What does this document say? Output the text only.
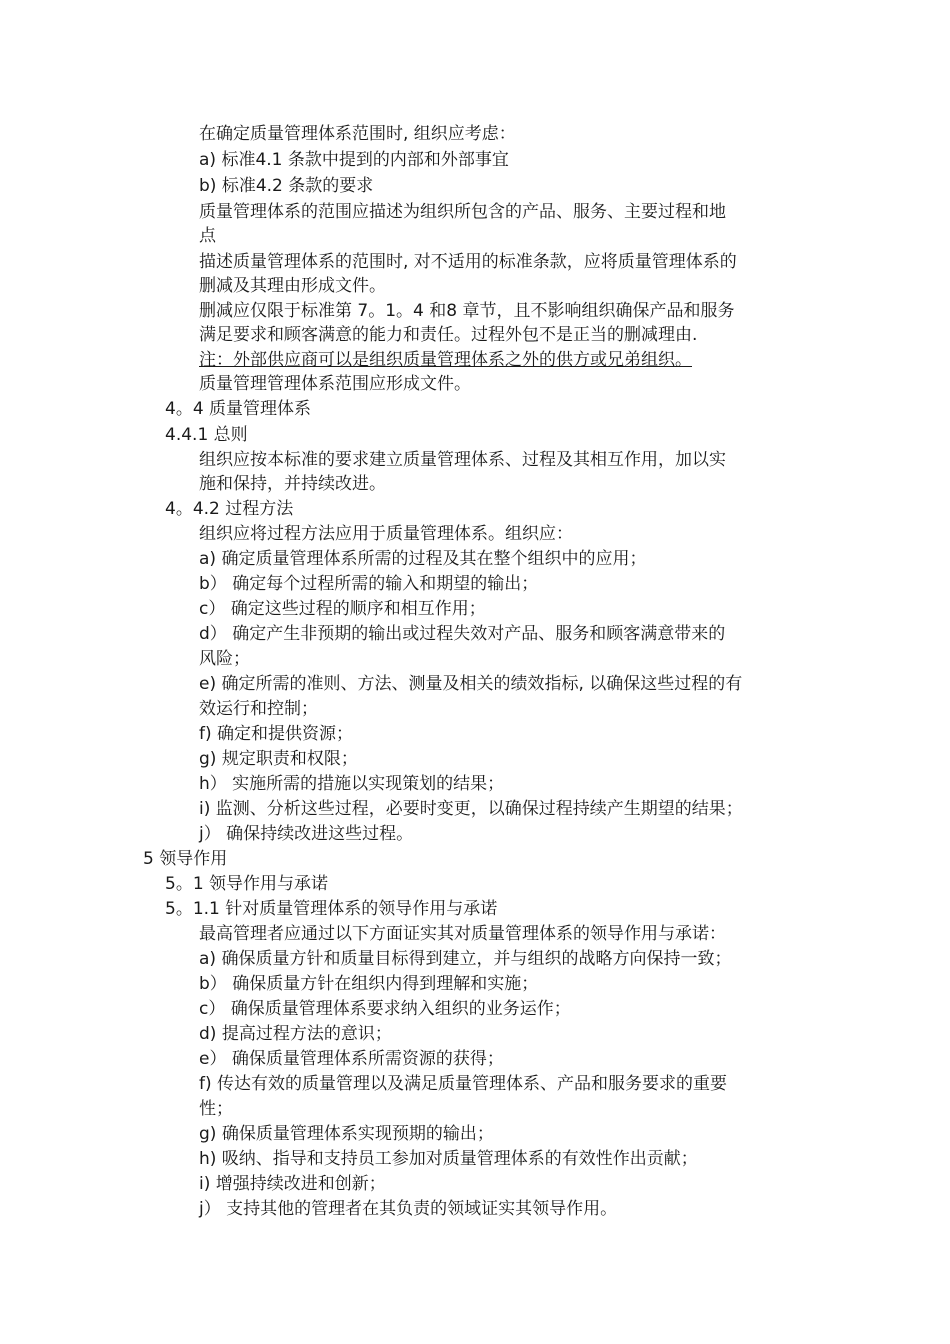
在确定质量管理体系范围时, 组织应考虑：
a) 标准4.1 条款中提到的内部和外部事宜
b) 标准4.2 条款的要求
质量管理体系的范围应描述为组织所包含的产品、服务、主要过程和地
点
描述质量管理体系的范围时, 对不适用的标准条款，应将质量管理体系的
删减及其理由形成文件。
删减应仅限于标准第 7。1。4 和8 章节，且不影响组织确保产品和服务
满足要求和顾客满意的能力和责任。过程外包不是正当的删减理由.
注：外部供应商可以是组织质量管理体系之外的供方或兄弟组织。
质量管理管理体系范围应形成文件。
4。4 质量管理体系
4.4.1 总则
组织应按本标准的要求建立质量管理体系、过程及其相互作用，加以实
施和保持，并持续改进。
4。4.2 过程方法
组织应将过程方法应用于质量管理体系。组织应：
a) 确定质量管理体系所需的过程及其在整个组织中的应用；
b） 确定每个过程所需的输入和期望的输出；
c） 确定这些过程的顺序和相互作用；
d） 确定产生非预期的输出或过程失效对产品、服务和顾客满意带来的
风险；
e) 确定所需的准则、方法、测量及相关的绩效指标, 以确保这些过程的有
效运行和控制；
f) 确定和提供资源；
g) 规定职责和权限；
h） 实施所需的措施以实现策划的结果；
i) 监测、分析这些过程，必要时变更，以确保过程持续产生期望的结果；
j） 确保持续改进这些过程。
5 领导作用
5。1 领导作用与承诺
5。1.1 针对质量管理体系的领导作用与承诺
最高管理者应通过以下方面证实其对质量管理体系的领导作用与承诺：
a) 确保质量方针和质量目标得到建立，并与组织的战略方向保持一致；
b） 确保质量方针在组织内得到理解和实施；
c） 确保质量管理体系要求纳入组织的业务运作；
d) 提高过程方法的意识；
e） 确保质量管理体系所需资源的获得；
f) 传达有效的质量管理以及满足质量管理体系、产品和服务要求的重要
性；
g) 确保质量管理体系实现预期的输出；
h) 吸纳、指导和支持员工参加对质量管理体系的有效性作出贡献；
i) 增强持续改进和创新；
j） 支持其他的管理者在其负责的领域证实其领导作用。
